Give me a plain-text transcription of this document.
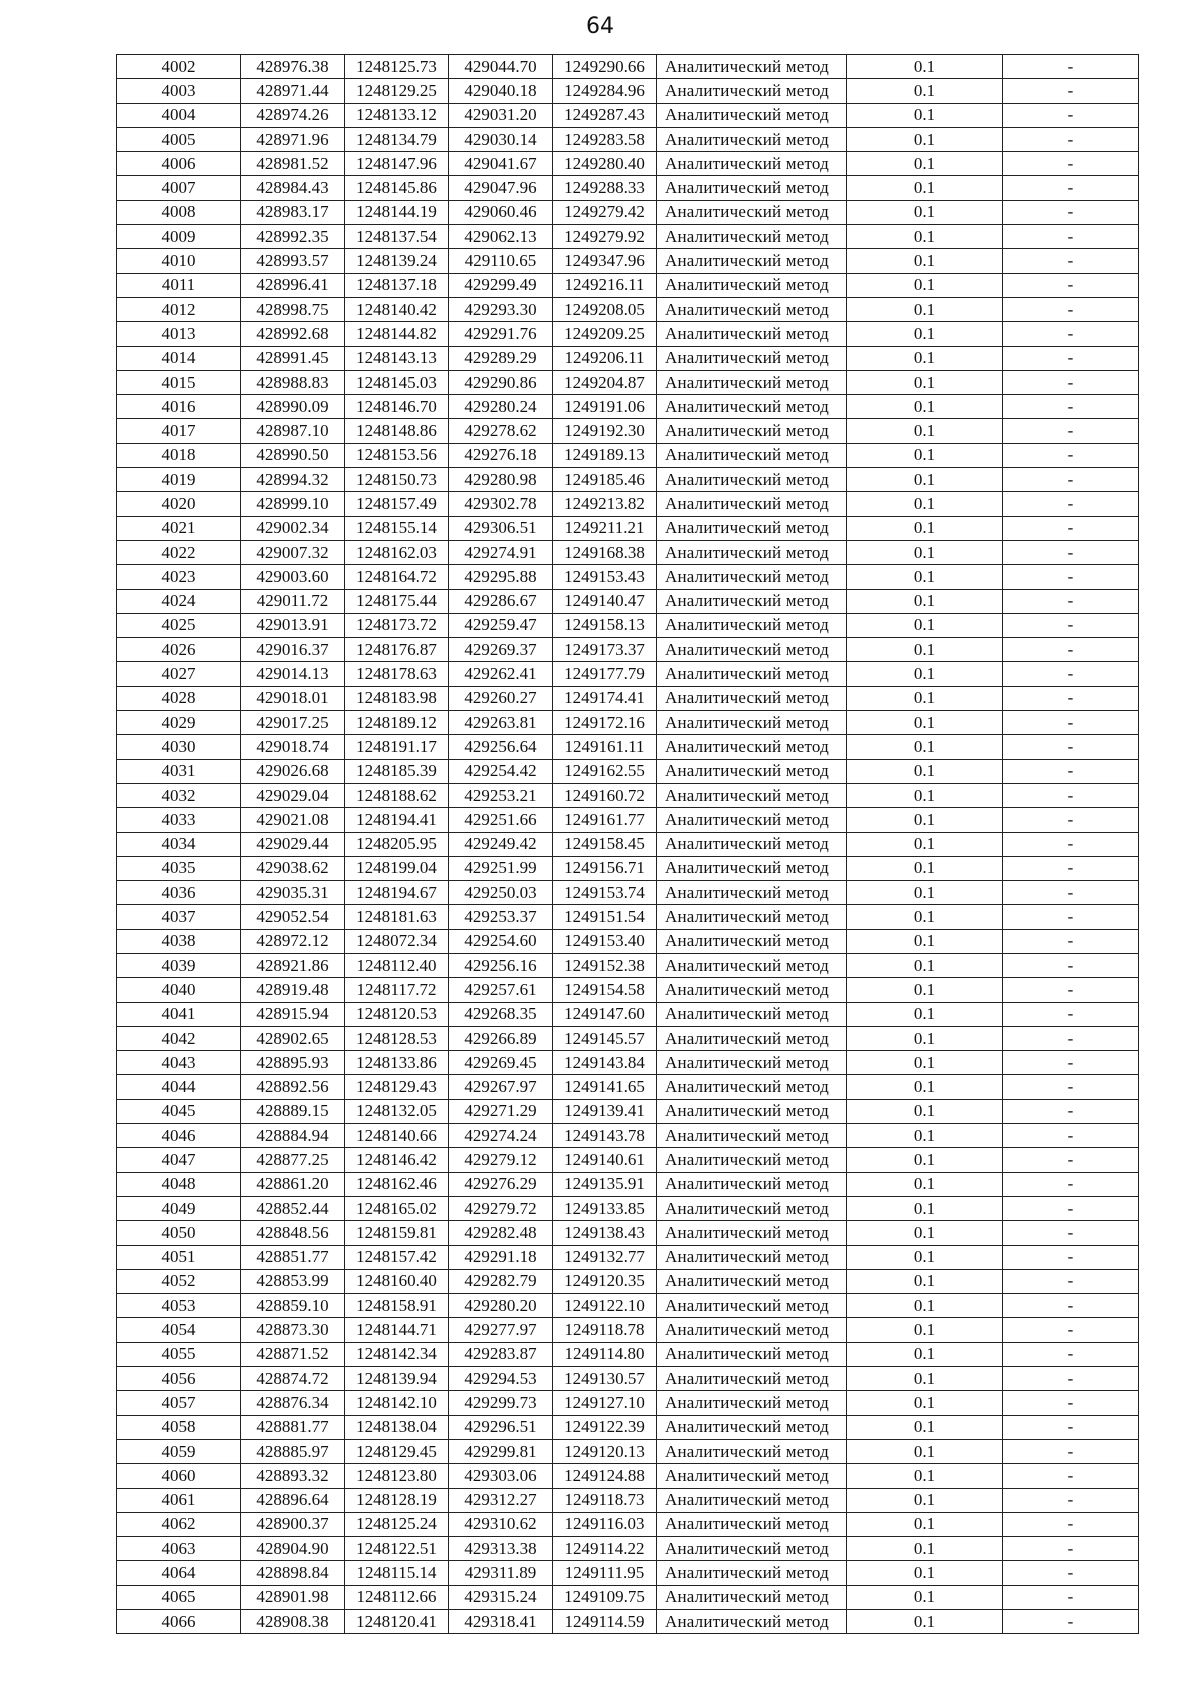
64
4002	428976.38	1248125.73	429044.70	1249290.66	Аналитический метод	0.1	-
4003	428971.44	1248129.25	429040.18	1249284.96	Аналитический метод	0.1	-
4004	428974.26	1248133.12	429031.20	1249287.43	Аналитический метод	0.1	-
4005	428971.96	1248134.79	429030.14	1249283.58	Аналитический метод	0.1	-
4006	428981.52	1248147.96	429041.67	1249280.40	Аналитический метод	0.1	-
4007	428984.43	1248145.86	429047.96	1249288.33	Аналитический метод	0.1	-
4008	428983.17	1248144.19	429060.46	1249279.42	Аналитический метод	0.1	-
4009	428992.35	1248137.54	429062.13	1249279.92	Аналитический метод	0.1	-
4010	428993.57	1248139.24	429110.65	1249347.96	Аналитический метод	0.1	-
4011	428996.41	1248137.18	429299.49	1249216.11	Аналитический метод	0.1	-
4012	428998.75	1248140.42	429293.30	1249208.05	Аналитический метод	0.1	-
4013	428992.68	1248144.82	429291.76	1249209.25	Аналитический метод	0.1	-
4014	428991.45	1248143.13	429289.29	1249206.11	Аналитический метод	0.1	-
4015	428988.83	1248145.03	429290.86	1249204.87	Аналитический метод	0.1	-
4016	428990.09	1248146.70	429280.24	1249191.06	Аналитический метод	0.1	-
4017	428987.10	1248148.86	429278.62	1249192.30	Аналитический метод	0.1	-
4018	428990.50	1248153.56	429276.18	1249189.13	Аналитический метод	0.1	-
4019	428994.32	1248150.73	429280.98	1249185.46	Аналитический метод	0.1	-
4020	428999.10	1248157.49	429302.78	1249213.82	Аналитический метод	0.1	-
4021	429002.34	1248155.14	429306.51	1249211.21	Аналитический метод	0.1	-
4022	429007.32	1248162.03	429274.91	1249168.38	Аналитический метод	0.1	-
4023	429003.60	1248164.72	429295.88	1249153.43	Аналитический метод	0.1	-
4024	429011.72	1248175.44	429286.67	1249140.47	Аналитический метод	0.1	-
4025	429013.91	1248173.72	429259.47	1249158.13	Аналитический метод	0.1	-
4026	429016.37	1248176.87	429269.37	1249173.37	Аналитический метод	0.1	-
4027	429014.13	1248178.63	429262.41	1249177.79	Аналитический метод	0.1	-
4028	429018.01	1248183.98	429260.27	1249174.41	Аналитический метод	0.1	-
4029	429017.25	1248189.12	429263.81	1249172.16	Аналитический метод	0.1	-
4030	429018.74	1248191.17	429256.64	1249161.11	Аналитический метод	0.1	-
4031	429026.68	1248185.39	429254.42	1249162.55	Аналитический метод	0.1	-
4032	429029.04	1248188.62	429253.21	1249160.72	Аналитический метод	0.1	-
4033	429021.08	1248194.41	429251.66	1249161.77	Аналитический метод	0.1	-
4034	429029.44	1248205.95	429249.42	1249158.45	Аналитический метод	0.1	-
4035	429038.62	1248199.04	429251.99	1249156.71	Аналитический метод	0.1	-
4036	429035.31	1248194.67	429250.03	1249153.74	Аналитический метод	0.1	-
4037	429052.54	1248181.63	429253.37	1249151.54	Аналитический метод	0.1	-
4038	428972.12	1248072.34	429254.60	1249153.40	Аналитический метод	0.1	-
4039	428921.86	1248112.40	429256.16	1249152.38	Аналитический метод	0.1	-
4040	428919.48	1248117.72	429257.61	1249154.58	Аналитический метод	0.1	-
4041	428915.94	1248120.53	429268.35	1249147.60	Аналитический метод	0.1	-
4042	428902.65	1248128.53	429266.89	1249145.57	Аналитический метод	0.1	-
4043	428895.93	1248133.86	429269.45	1249143.84	Аналитический метод	0.1	-
4044	428892.56	1248129.43	429267.97	1249141.65	Аналитический метод	0.1	-
4045	428889.15	1248132.05	429271.29	1249139.41	Аналитический метод	0.1	-
4046	428884.94	1248140.66	429274.24	1249143.78	Аналитический метод	0.1	-
4047	428877.25	1248146.42	429279.12	1249140.61	Аналитический метод	0.1	-
4048	428861.20	1248162.46	429276.29	1249135.91	Аналитический метод	0.1	-
4049	428852.44	1248165.02	429279.72	1249133.85	Аналитический метод	0.1	-
4050	428848.56	1248159.81	429282.48	1249138.43	Аналитический метод	0.1	-
4051	428851.77	1248157.42	429291.18	1249132.77	Аналитический метод	0.1	-
4052	428853.99	1248160.40	429282.79	1249120.35	Аналитический метод	0.1	-
4053	428859.10	1248158.91	429280.20	1249122.10	Аналитический метод	0.1	-
4054	428873.30	1248144.71	429277.97	1249118.78	Аналитический метод	0.1	-
4055	428871.52	1248142.34	429283.87	1249114.80	Аналитический метод	0.1	-
4056	428874.72	1248139.94	429294.53	1249130.57	Аналитический метод	0.1	-
4057	428876.34	1248142.10	429299.73	1249127.10	Аналитический метод	0.1	-
4058	428881.77	1248138.04	429296.51	1249122.39	Аналитический метод	0.1	-
4059	428885.97	1248129.45	429299.81	1249120.13	Аналитический метод	0.1	-
4060	428893.32	1248123.80	429303.06	1249124.88	Аналитический метод	0.1	-
4061	428896.64	1248128.19	429312.27	1249118.73	Аналитический метод	0.1	-
4062	428900.37	1248125.24	429310.62	1249116.03	Аналитический метод	0.1	-
4063	428904.90	1248122.51	429313.38	1249114.22	Аналитический метод	0.1	-
4064	428898.84	1248115.14	429311.89	1249111.95	Аналитический метод	0.1	-
4065	428901.98	1248112.66	429315.24	1249109.75	Аналитический метод	0.1	-
4066	428908.38	1248120.41	429318.41	1249114.59	Аналитический метод	0.1	-
